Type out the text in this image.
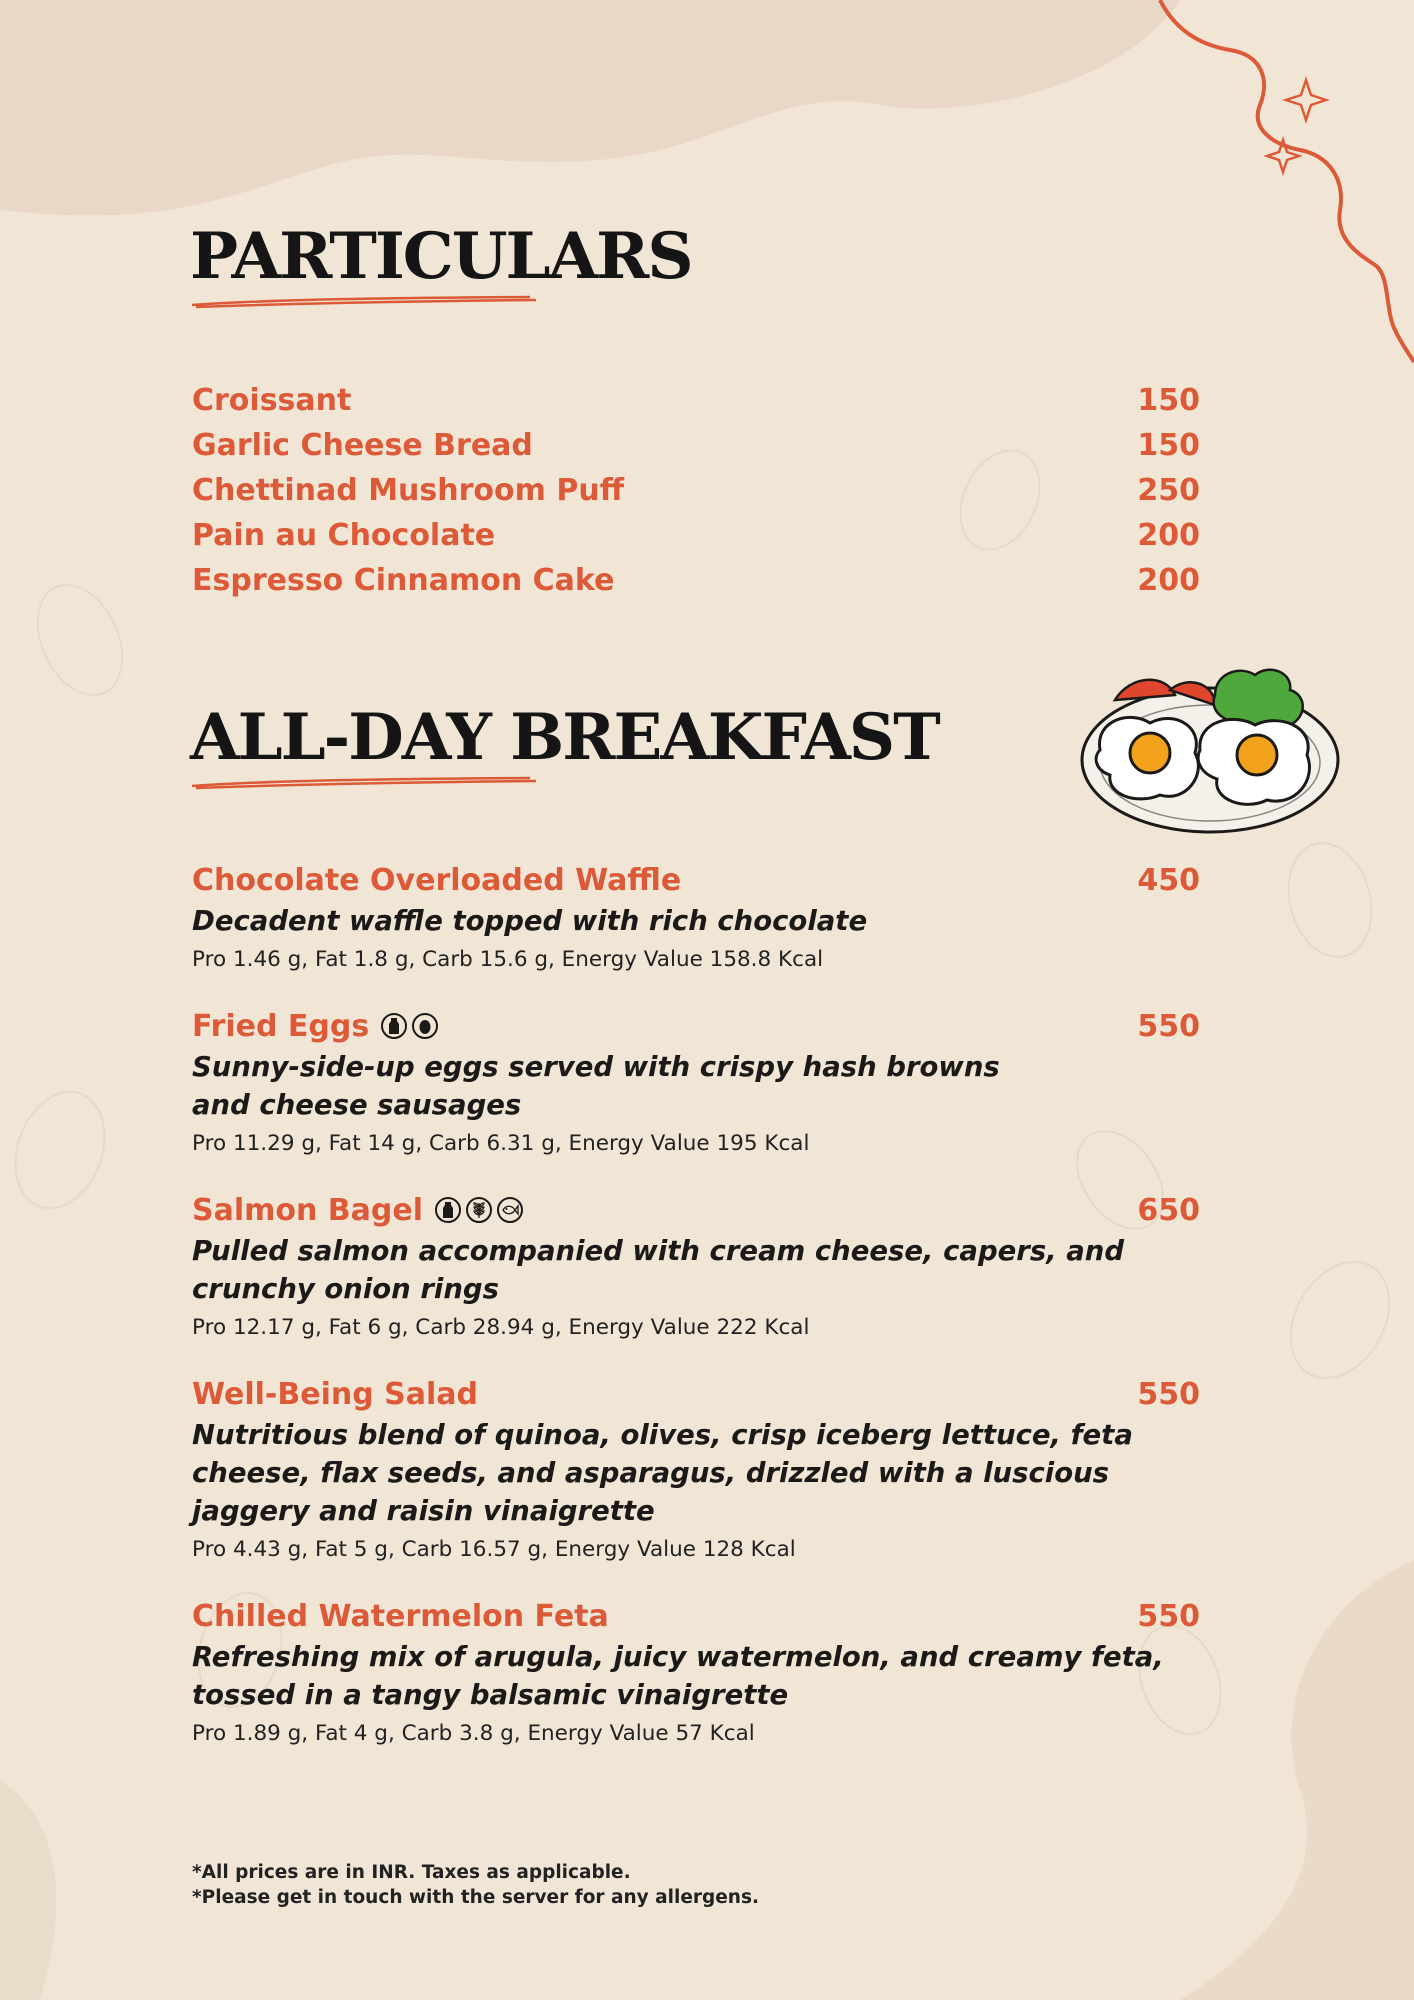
PARTICULARS
Croissant	150
Garlic Cheese Bread	150
Chettinad Mushroom Puff	250
Pain au Chocolate	200
Espresso Cinnamon Cake	200
ALL-DAY BREAKFAST
Chocolate Overloaded Waffle	450

Decadent waffle topped with rich chocolate

Pro 1.46 g, Fat 1.8 g, Carb 15.6 g, Energy Value 158.8 Kcal
Fried Eggs	550

Sunny-side-up eggs served with crispy hash browns

and cheese sausages

Pro 11.29 g, Fat 14 g, Carb 6.31 g, Energy Value 195 Kcal
Salmon Bagel	650

Pulled salmon accompanied with cream cheese, capers, and

crunchy onion rings

Pro 12.17 g, Fat 6 g, Carb 28.94 g, Energy Value 222 Kcal
Well-Being Salad	550

Nutritious blend of quinoa, olives, crisp iceberg lettuce, feta

cheese, flax seeds, and asparagus, drizzled with a luscious

jaggery and raisin vinaigrette

Pro 4.43 g, Fat 5 g, Carb 16.57 g, Energy Value 128 Kcal
Chilled Watermelon Feta	550

Refreshing mix of arugula, juicy watermelon, and creamy feta,

tossed in a tangy balsamic vinaigrette

Pro 1.89 g, Fat 4 g, Carb 3.8 g, Energy Value 57 Kcal
*All prices are in INR. Taxes as applicable.
*Please get in touch with the server for any allergens.
